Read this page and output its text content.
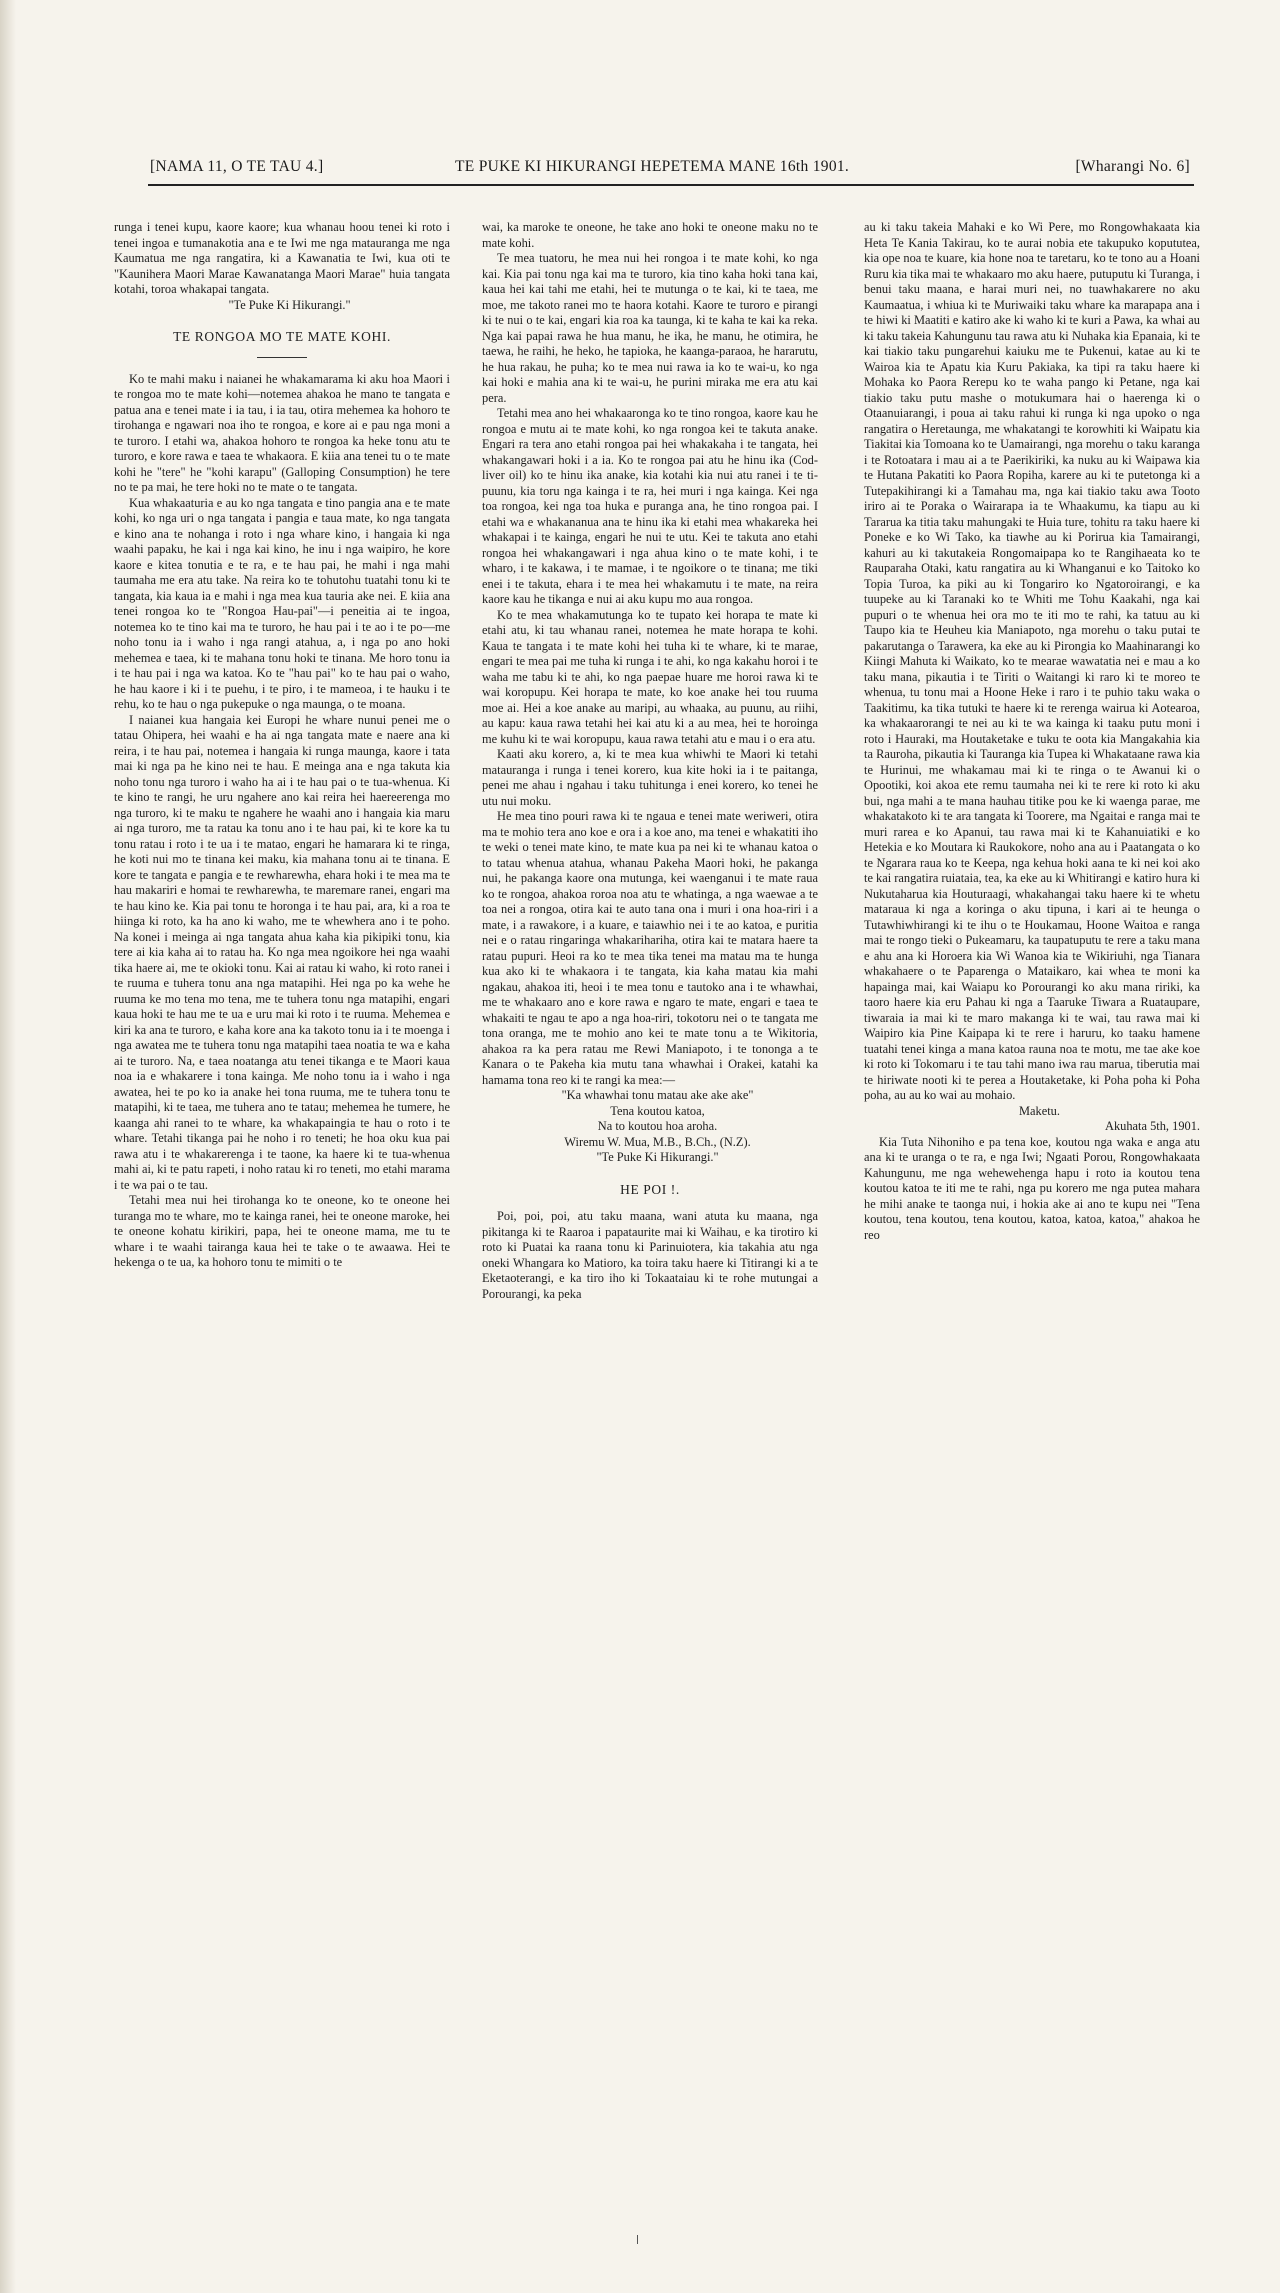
[NAMA 11, O TE TAU 4.]	TE PUKE KI HIKURANGI HEPETEMA MANE 16th 1901.	[Wharangi No. 6]

runga i tenei kupu, kaore kaore; kua whanau hoou tenei ki roto i tenei ingoa e tumanakotia ana e te Iwi me nga matauranga me nga Kaumatua me nga rangatira, ki a Kawanatia te Iwi, kua oti te "Kaunihera Maori Marae Kawanatanga Maori Marae" huia tangata kotahi, toroa whakapai tangata.

"Te Puke Ki Hikurangi."

TE RONGOA MO TE MATE KOHI.

Ko te mahi maku i naianei he whakamarama ki aku hoa Maori i te rongoa mo te mate kohi—notemea ahakoa he mano te tangata e patua ana e tenei mate i ia tau, i ia tau, otira mehemea ka hohoro te tirohanga e ngawari noa iho te rongoa, e kore ai e pau nga moni a te turoro. I etahi wa, ahakoa hohoro te rongoa ka heke tonu atu te turoro, e kore rawa e taea te whakaora. E kiia ana tenei tu o te mate kohi he "tere" he "kohi karapu" (Galloping Consumption) he tere no te pa mai, he tere hoki no te mate o te tangata.

Kua whakaaturia e au ko nga tangata e tino pangia ana e te mate kohi, ko nga uri o nga tangata i pangia e taua mate, ko nga tangata e kino ana te nohanga i roto i nga whare kino, i hangaia ki nga waahi papaku, he kai i nga kai kino, he inu i nga waipiro, he kore kaore e kitea tonutia e te ra, e te hau pai, he mahi i nga mahi taumaha me era atu take. Na reira ko te tohutohu tuatahi tonu ki te tangata, kia kaua ia e mahi i nga mea kua tauria ake nei. E kiia ana tenei rongoa ko te "Rongoa Hau-pai"—i peneitia ai te ingoa, notemea ko te tino kai ma te turoro, he hau pai i te ao i te po—me noho tonu ia i waho i nga rangi atahua, a, i nga po ano hoki mehemea e taea, ki te mahana tonu hoki te tinana. Me horo tonu ia i te hau pai i nga wa katoa. Ko te "hau pai" ko te hau pai o waho, he hau kaore i ki i te puehu, i te piro, i te mameoa, i te hauku i te rehu, ko te hau o nga pukepuke o nga maunga, o te moana.

I naianei kua hangaia kei Europi he whare nunui penei me o tatau Ohipera, hei waahi e ha ai nga tangata mate e naere ana ki reira, i te hau pai, notemea i hangaia ki runga maunga, kaore i tata mai ki nga pa he kino nei te hau. E meinga ana e nga takuta kia noho tonu nga turoro i waho ha ai i te hau pai o te tua-whenua. Ki te kino te rangi, he uru ngahere ano kai reira hei haereerenga mo nga turoro, ki te maku te ngahere he waahi ano i hangaia kia maru ai nga turoro, me ta ratau ka tonu ano i te hau pai, ki te kore ka tu tonu ratau i roto i te ua i te matao, engari he hamarara ki te ringa, he koti nui mo te tinana kei maku, kia mahana tonu ai te tinana. E kore te tangata e pangia e te rewharewha, ehara hoki i te mea ma te hau makariri e homai te rewharewha, te maremare ranei, engari ma te hau kino ke. Kia pai tonu te horonga i te hau pai, ara, ki a roa te hiinga ki roto, ka ha ano ki waho, me te whewhera ano i te poho. Na konei i meinga ai nga tangata ahua kaha kia pikipiki tonu, kia tere ai kia kaha ai to ratau ha. Ko nga mea ngoikore hei nga waahi tika haere ai, me te okioki tonu. Kai ai ratau ki waho, ki roto ranei i te ruuma e tuhera tonu ana nga matapihi. Hei nga po ka wehe he ruuma ke mo tena mo tena, me te tuhera tonu nga matapihi, engari kaua hoki te hau me te ua e uru mai ki roto i te ruuma. Mehemea e kiri ka ana te turoro, e kaha kore ana ka takoto tonu ia i te moenga i nga awatea me te tuhera tonu nga matapihi taea noatia te wa e kaha ai te turoro. Na, e taea noatanga atu tenei tikanga e te Maori kaua noa ia e whakarere i tona kainga. Me noho tonu ia i waho i nga awatea, hei te po ko ia anake hei tona ruuma, me te tuhera tonu te matapihi, ki te taea, me tuhera ano te tatau; mehemea he tumere, he kaanga ahi ranei to te whare, ka whakapaingia te hau o roto i te whare. Tetahi tikanga pai he noho i ro teneti; he hoa oku kua pai rawa atu i te whakarerenga i te taone, ka haere ki te tua-whenua mahi ai, ki te patu rapeti, i noho ratau ki ro teneti, mo etahi marama i te wa pai o te tau.

Tetahi mea nui hei tirohanga ko te oneone, ko te oneone hei turanga mo te whare, mo te kainga ranei, hei te oneone maroke, hei te oneone kohatu kirikiri, papa, hei te oneone mama, me tu te whare i te waahi tairanga kaua hei te take o te awaawa. Hei te hekenga o te ua, ka hohoro tonu te mimiti o te

wai, ka maroke te oneone, he take ano hoki te oneone maku no te mate kohi.

Te mea tuatoru, he mea nui hei rongoa i te mate kohi, ko nga kai. Kia pai tonu nga kai ma te turoro, kia tino kaha hoki tana kai, kaua hei kai tahi me etahi, hei te mutunga o te kai, ki te taea, me moe, me takoto ranei mo te haora kotahi. Kaore te turoro e pirangi ki te nui o te kai, engari kia roa ka taunga, ki te kaha te kai ka reka. Nga kai papai rawa he hua manu, he ika, he manu, he otimira, he taewa, he raihi, he heko, he tapioka, he kaanga-paraoa, he hararutu, he hua rakau, he puha; ko te mea nui rawa ia ko te wai-u, ko nga kai hoki e mahia ana ki te wai-u, he purini miraka me era atu kai pera.

Tetahi mea ano hei whakaaronga ko te tino rongoa, kaore kau he rongoa e mutu ai te mate kohi, ko nga rongoa kei te takuta anake. Engari ra tera ano etahi rongoa pai hei whakakaha i te tangata, hei whakangawari hoki i a ia. Ko te rongoa pai atu he hinu ika (Cod-liver oil) ko te hinu ika anake, kia kotahi kia nui atu ranei i te ti-puunu, kia toru nga kainga i te ra, hei muri i nga kainga. Kei nga toa rongoa, kei nga toa huka e puranga ana, he tino rongoa pai. I etahi wa e whakananua ana te hinu ika ki etahi mea whakareka hei whakapai i te kainga, engari he nui te utu. Kei te takuta ano etahi rongoa hei whakangawari i nga ahua kino o te mate kohi, i te wharo, i te kakawa, i te mamae, i te ngoikore o te tinana; me tiki enei i te takuta, ehara i te mea hei whakamutu i te mate, na reira kaore kau he tikanga e nui ai aku kupu mo aua rongoa.

Ko te mea whakamutunga ko te tupato kei horapa te mate ki etahi atu, ki tau whanau ranei, notemea he mate horapa te kohi. Kaua te tangata i te mate kohi hei tuha ki te whare, ki te marae, engari te mea pai me tuha ki runga i te ahi, ko nga kakahu horoi i te waha me tabu ki te ahi, ko nga paepae huare me horoi rawa ki te wai koropupu. Kei horapa te mate, ko koe anake hei tou ruuma moe ai. Hei a koe anake au maripi, au whaaka, au puunu, au riihi, au kapu: kaua rawa tetahi hei kai atu ki a au mea, hei te horoinga me kuhu ki te wai koropupu, kaua rawa tetahi atu e mau i o era atu.

Kaati aku korero, a, ki te mea kua whiwhi te Maori ki tetahi matauranga i runga i tenei korero, kua kite hoki ia i te paitanga, penei me ahau i ngahau i taku tuhitunga i enei korero, ko tenei he utu nui moku.

He mea tino pouri rawa ki te ngaua e tenei mate weriweri, otira ma te mohio tera ano koe e ora i a koe ano, ma tenei e whakatiti iho te weki o tenei mate kino, te mate kua pa nei ki te whanau katoa o to tatau whenua atahua, whanau Pakeha Maori hoki, he pakanga nui, he pakanga kaore ona mutunga, kei waenganui i te mate rauа ko te rongoa, ahakoa roroa noa atu te whatinga, a nga waewae a te toa nei a rongoa, otira kai te auto tana ona i muri i ona hoa-riri i a mate, i a rawakore, i a kuare, e taiawhio nei i te ao katoa, e puritia nei e o ratau ringaringa whakarihariha, otira kai te matara haere ta ratau pupuri. Heoi ra ko te mea tika tenei ma matau ma te hunga kua ako ki te whakaora i te tangata, kia kaha matau kia mahi ngakau, ahakoa iti, heoi i te mea tonu e tautoko ana i te whawhai, me te whakaaro ano e kore rawa e ngaro te mate, engari e taea te whakaiti te ngau te apo a nga hoa-riri, tokotoru nei o te tangata me tona oranga, me te mohio ano kei te mate tonu a te Wikitoria, ahakoa ra ka pera ratau me Rewi Maniapoto, i te tononga a te Kanara o te Pakeha kia mutu tana whawhai i Orakei, katahi ka hamama tona reo ki te rangi ka mea:—

"Ka whawhai tonu matau ake ake ake"

Tena koutou katoa,

Na to koutou hoa aroha.

Wiremu W. Mua, M.B., B.Ch., (N.Z).

"Te Puke Ki Hikurangi."

HE POI !.

Poi, poi, poi, atu taku maana, wani atuta ku maana, nga pikitanga ki te Raaroa i papataurite mai ki Waihau, e ka tirotiro ki roto ki Puatai ka raana tonu ki Parinuiotera, kia takahia atu nga oneki Whangara ko Matioro, ka toira taku haere ki Titirangi ki a te Eketaoterangi, e ka tiro iho ki Tokaataiau ki te rohe mutungai a Porourangi, ka peka

au ki taku takeia Mahaki e ko Wi Pere, mo Rongowhakaata kia Heta Te Kania Takirau, ko te aurai nobia ete takupuko kopututea, kia ope noa te kuare, kia hone noa te taretaru, ko te tono au a Hoani Ruru kia tika mai te whakaaro mo aku haere, putuputu ki Turanga, i benui taku maana, e harai muri nei, no tuawhakarere no aku Kaumaatua, i whiua ki te Muriwaiki taku whare ka marapapa ana i te hiwi ki Maatiti e katiro ake ki waho ki te kuri a Pawa, ka whai au ki taku takeia Kahungunu tau rawa atu ki Nuhaka kia Epanaia, ki te kai tiakio taku pungarehui kaiuku me te Pukenui, katae au ki te Wairoa kia te Apatu kia Kuru Pakiaka, ka tipi ra taku haere ki Mohaka ko Paora Rerepu ko te waha pango ki Petane, nga kai tiakio taku putu mashe o motukumara hai o haerenga ki o Otaanuiarangi, i poua ai taku rahui ki runga ki nga upoko o nga rangatira o Heretaunga, me whakatangi te korowhiti ki Waipatu kia Tiakitai kia Tomoana ko te Uamairangi, nga morehu o taku karanga i te Rotoatara i mau ai a te Paerikiriki, ka nuku au ki Waipawa kia te Hutana Pakatiti ko Paora Ropiha, karere au ki te putetonga ki a Tutepakihirangi ki a Tamahau ma, nga kai tiakio taku awa Tooto iriro ai te Poraka o Wairarapa ia te Whaakumu, ka tiapu au ki Tararua ka titia taku mahungaki te Huia ture, tohitu ra taku haere ki Poneke e ko Wi Tako, ka tiawhe au ki Porirua kia Tamairangi, kahuri au ki takutakeia Rongomaipapa ko te Rangihaeata ko te Rauparaha Otaki, katu rangatira au ki Whanganui e ko Taitoko ko Topia Turoa, ka piki au ki Tongariro ko Ngatoroirangi, e ka tuupeke au ki Taranaki ko te Whiti me Tohu Kaakahi, nga kai pupuri o te whenua hei ora mo te iti mo te rahi, ka tatuu au ki Taupo kia te Heuheu kia Maniapoto, nga morehu o taku putai te pakarutanga o Tarawera, ka eke au ki Pirongia ko Maahinarangi ko Kiingi Mahuta ki Waikato, ko te mearae wawatatia nei e mau a ko taku mana, pikautia i te Tiriti o Waitangi ki raro ki te moreo te whenua, tu tonu mai a Hoone Heke i raro i te puhio taku waka o Taakitimu, ka tika tutuki te haere ki te rerenga wairua ki Aotearoa, ka whakaarorangi te nei au ki te wa kainga ki taaku putu moni i roto i Hauraki, ma Houtaketake e tuku te oota kia Mangakahia kia ta Rauroha, pikautia ki Tauranga kia Tupea ki Whakataane rawa kia te Hurinui, me whakamau mai ki te ringa o te Awanui ki o Opootiki, koi akoa ete remu taumaha nei ki te rere ki roto ki aku bui, nga mahi a te mana hauhau titike pou ke ki waenga parae, me whakatakoto ki te ara tangata ki Toorere, ma Ngaitai e ranga mai te muri rarea e ko Apanui, tau rawa mai ki te Kahanuiatiki e ko Hetekia e ko Moutara ki Raukokore, noho ana au i Paatangata o ko te Ngarara raua ko te Keepa, nga kehua hoki aana te ki nei koi ako te kai rangatira ruiataia, tea, ka eke au ki Whitirangi e katiro hura ki Nukutaharua kia Houturaagi, whakahangai taku haere ki te whetu mataraua ki nga a koringa o aku tipuna, i kari ai te heunga o Tutawhiwhirangi ki te ihu o te Houkamau, Hoone Waitoa e ranga mai te rongo tieki o Pukeamaru, ka taupatuputu te rere a taku mana e ahu ana ki Horoera kia Wi Wanoa kia te Wikiriuhi, nga Tianara whakahaere o te Paparenga o Mataikaro, kai whea te moni ka hapainga mai, kai Waiapu ko Porourangi ko aku mana ririki, ka taoro haere kia eru Pahau ki nga a Taaruke Tiwara a Ruatauparе, tiwaraia ia mai ki te maro makanga ki te wai, tau rawa mai ki Waipiro kia Pine Kaipapa ki te rere i haruru, ko taaku hamene tuatahi tenei kinga a mana katoa rauna noa te motu, me tae ake koe ki roto ki Tokomaru i te tau tahi mano iwa rau marua, tiberutia mai te hiriwate nooti ki te perea a Houtaketake, ki Poha poha ki Poha poha, au au ko wai au mohaio.

Maketu.

Akuhata 5th, 1901.

Kia Tuta Nihoniho e pa tena koe, koutou nga waka e anga atu ana ki te uranga o te ra, e nga Iwi; Ngaati Porou, Rongowhakaata Kahungunu, me nga wehewehenga hapu i roto ia koutou tena koutou katoa te iti me te rahi, nga pu korero me nga putea mahara he mihi anake te taonga nui, i hokia ake ai ano te kupu nei "Tena koutou, tena koutou, tena koutou, katoa, katoa, katoa," ahakoa he reo
